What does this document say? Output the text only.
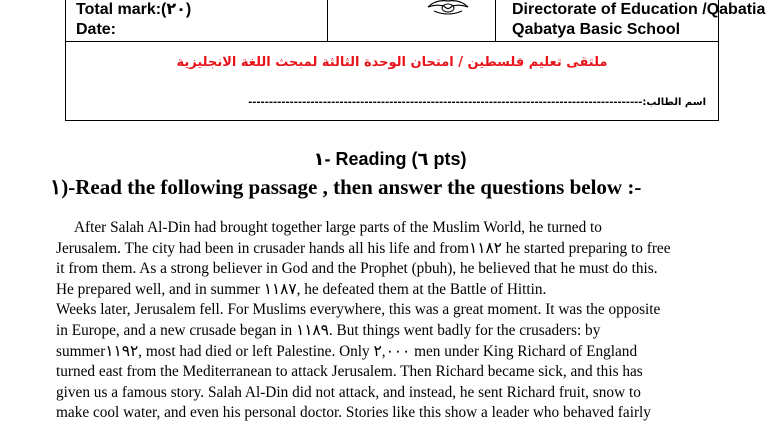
Total mark:(٢٠)
Date:
Directorate of Education /Qabatia
Qabatya Basic School
ملتقى تعليم فلسطين / امتحان الوحدة الثالثة لمبحث اللغة الانجليزية
اسم الطالب:-----------------------------------------------------------------------------------------------
١- Reading (٦ pts)
١)-Read the following passage , then answer the questions below :-
After Salah Al-Din had brought together large parts of the Muslim World, he turned to
Jerusalem. The city had been in crusader hands all his life and from١١٨٢ he started preparing to free
it from them. As a strong believer in God and the Prophet (pbuh), he believed that he must do this.
He prepared well, and in summer ١١٨٧, he defeated them at the Battle of Hittin.
Weeks later, Jerusalem fell. For Muslims everywhere, this was a great moment. It was the opposite
in Europe, and a new crusade began in ١١٨٩. But things went badly for the crusaders: by
summer١١٩٢, most had died or left Palestine. Only ٢,٠٠٠ men under King Richard of England
turned east from the Mediterranean to attack Jerusalem. Then Richard became sick, and this has
given us a famous story. Salah Al-Din did not attack, and instead, he sent Richard fruit, snow to
make cool water, and even his personal doctor. Stories like this show a leader who behaved fairly
